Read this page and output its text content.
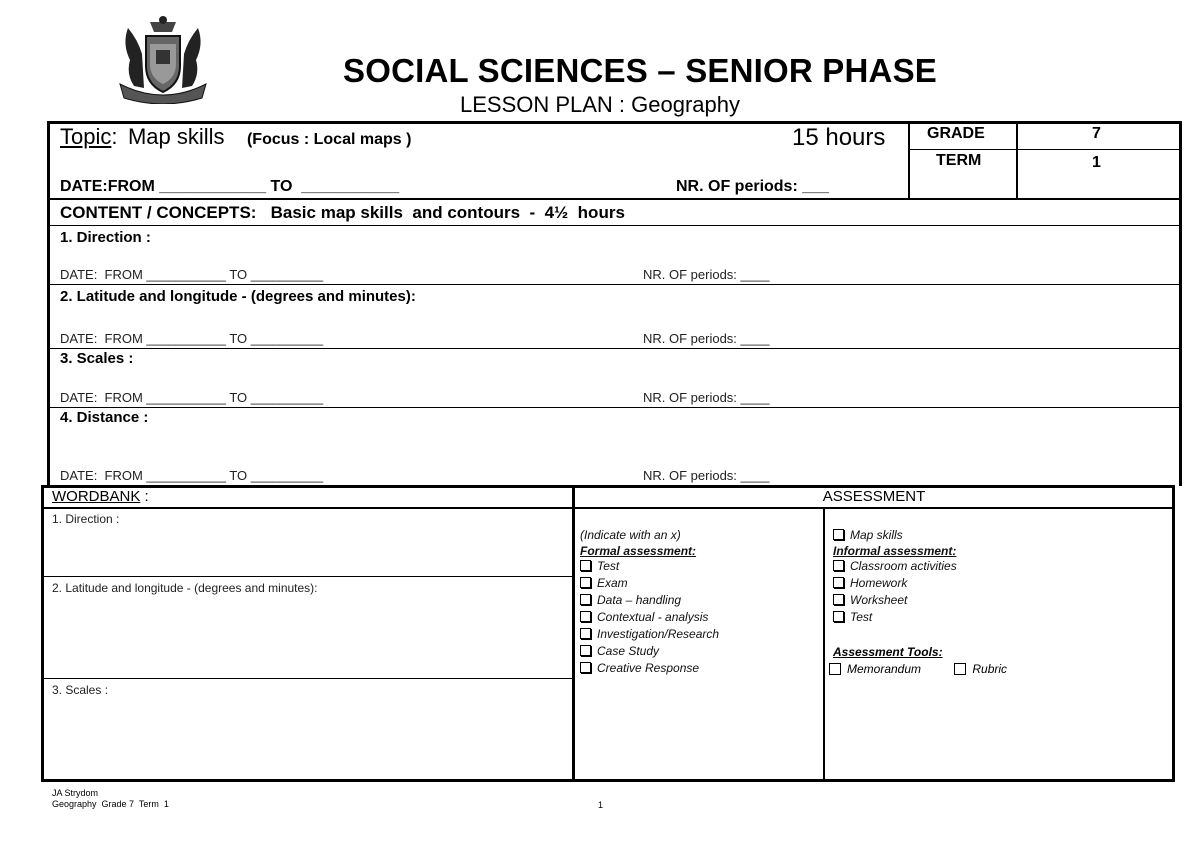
SOCIAL SCIENCES – SENIOR PHASE
LESSON PLAN : Geography
Topic: Map skills (Focus : Local maps )	15 hours	GRADE	7
TERM	1
DATE:FROM ____________ TO  ___________	NR. OF periods: ___
CONTENT / CONCEPTS: Basic map skills  and contours  -  4½  hours
1. Direction :
DATE:  FROM ___________ TO __________	NR. OF periods: ____
2. Latitude and longitude - (degrees and minutes):
DATE:  FROM ___________ TO __________	NR. OF periods: ____
3. Scales :
DATE:  FROM ___________ TO __________	NR. OF periods: ____
4. Distance :
DATE:  FROM ___________ TO __________	NR. OF periods: ____
WORDBANK :
1. Direction :
2. Latitude and longitude - (degrees and minutes):
3. Scales :
ASSESSMENT
(Indicate with an x)
Formal assessment:
Test
Exam
Data – handling
Contextual - analysis
Investigation/Research
Case Study
Creative Response
Map skills
Informal assessment:
Classroom activities
Homework
Worksheet
Test
Assessment Tools:
Memorandum	Rubric
JA Strydom
Geography  Grade 7  Term  1	1
